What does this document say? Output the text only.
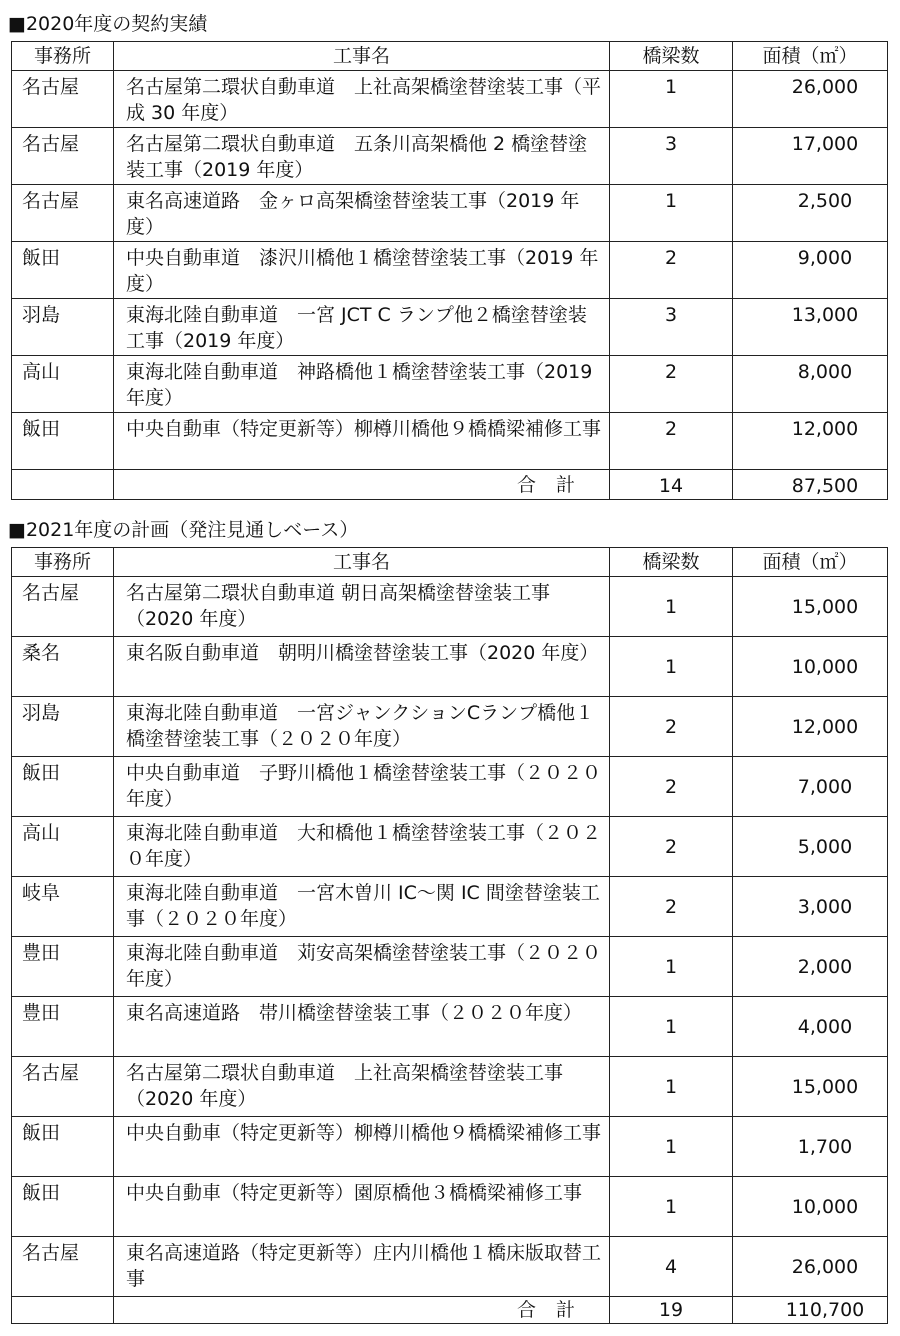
■2020年度の契約実績
事務所	工事名	橋梁数	面積（㎡）
名古屋	名古屋第二環状自動車道　上社高架橋塗替塗装工事（平成 30 年度）	1	26,000
名古屋	名古屋第二環状自動車道　五条川高架橋他 2 橋塗替塗装工事（2019 年度）	3	17,000
名古屋	東名高速道路　金ヶロ高架橋塗替塗装工事（2019 年度）	1	2,500
飯田	中央自動車道　漆沢川橋他１橋塗替塗装工事（2019 年度）	2	9,000
羽島	東海北陸自動車道　一宮 JCT C ランプ他２橋塗替塗装工事（2019 年度）	3	13,000
高山	東海北陸自動車道　神路橋他１橋塗替塗装工事（2019 年度）	2	8,000
飯田	中央自動車（特定更新等）柳樽川橋他９橋橋梁補修工事	2	12,000
	合計	14	87,500
■2021年度の計画（発注見通しベース）
事務所	工事名	橋梁数	面積（㎡）
名古屋	名古屋第二環状自動車道 朝日高架橋塗替塗装工事（2020 年度）	1	15,000
桑名	東名阪自動車道　朝明川橋塗替塗装工事（2020 年度）	1	10,000
羽島	東海北陸自動車道　一宮ジャンクションCランプ橋他１橋塗替塗装工事（２０２０年度）	2	12,000
飯田	中央自動車道　子野川橋他１橋塗替塗装工事（２０２０年度）	2	7,000
高山	東海北陸自動車道　大和橋他１橋塗替塗装工事（２０２０年度）	2	5,000
岐阜	東海北陸自動車道　一宮木曽川 IC～関 IC 間塗替塗装工事（２０２０年度）	2	3,000
豊田	東海北陸自動車道　苅安高架橋塗替塗装工事（２０２０年度）	1	2,000
豊田	東名高速道路　帯川橋塗替塗装工事（２０２０年度）	1	4,000
名古屋	名古屋第二環状自動車道　上社高架橋塗替塗装工事（2020 年度）	1	15,000
飯田	中央自動車（特定更新等）柳樽川橋他９橋橋梁補修工事	1	1,700
飯田	中央自動車（特定更新等）園原橋他３橋橋梁補修工事	1	10,000
名古屋	東名高速道路（特定更新等）庄内川橋他１橋床版取替工事	4	26,000
	合計	19	110,700
